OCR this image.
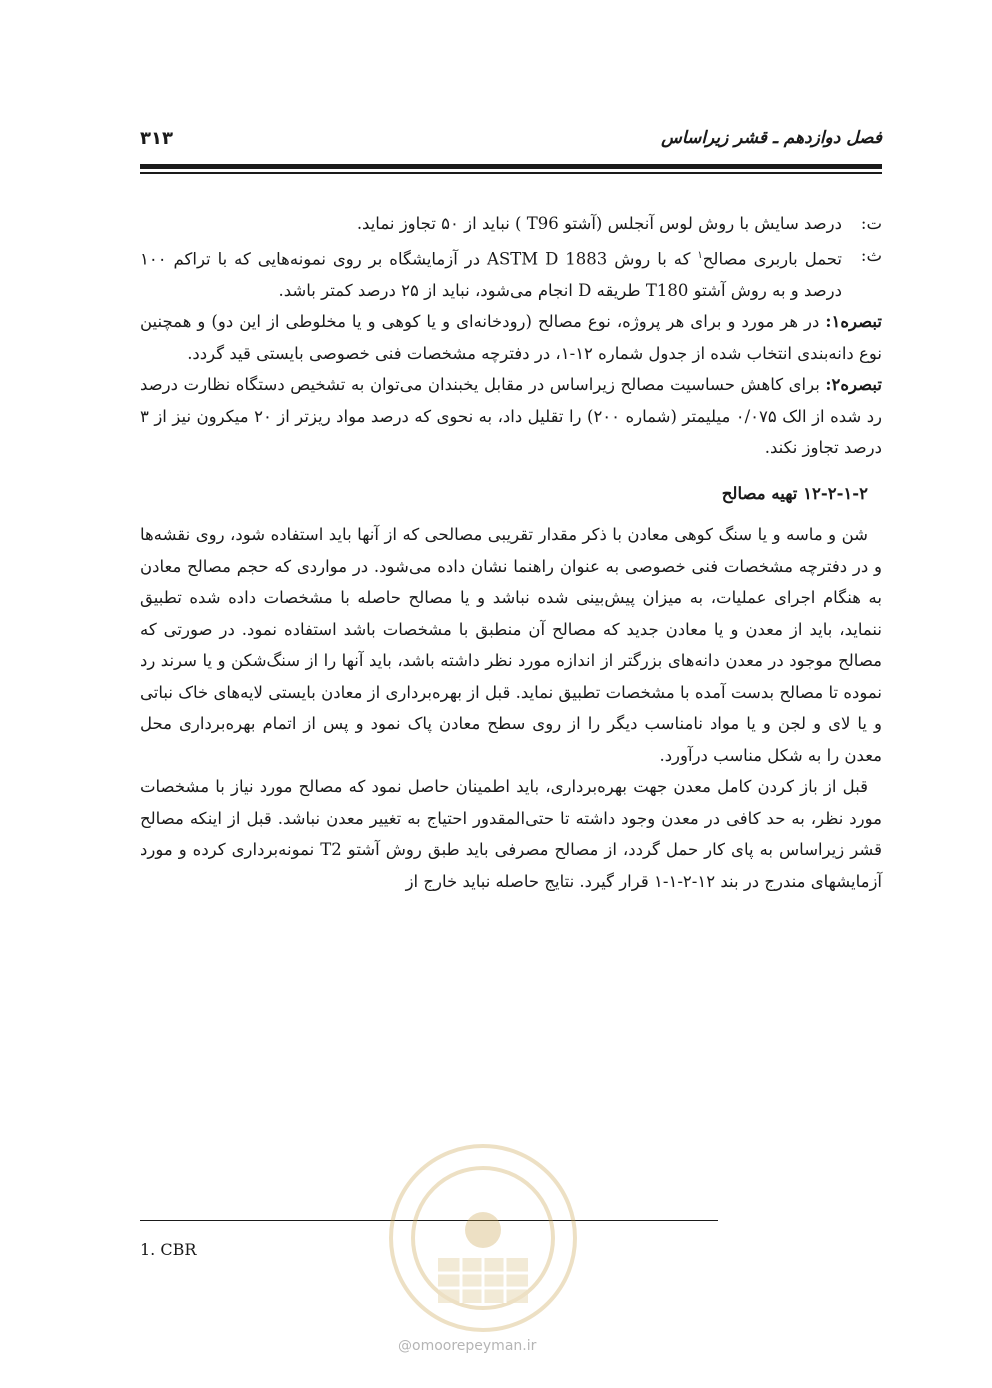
فصل دوازدهم ـ قشر زیراساس
۳۱۳
ت:
درصد سایش با روش لوس آنجلس (آشتو T96 ) نباید از ۵۰ تجاوز نماید.
ث:
تحمل باربری مصالح$^۱$ که با روش ASTM D 1883 در آزمایشگاه بر روی نمونه‌هایی که با تراکم ۱۰۰ درصد و به روش آشتو T180 طریقه D انجام می‌شود، نباید از ۲۵ درصد کمتر باشد.

تبصره۱: در هر مورد و برای هر پروژه، نوع مصالح (رودخانه‌ای و یا کوهی و یا مخلوطی از این دو) و همچنین نوع دانه‌بندی انتخاب شده از جدول شماره ۱۲-۱، در دفترچه مشخصات فنی خصوصی بایستی قید گردد.

تبصره۲: برای کاهش حساسیت مصالح زیراساس در مقابل یخبندان می‌توان به تشخیص دستگاه نظارت درصد رد شده از الک ۰/۰۷۵ میلیمتر (شماره ۲۰۰) را تقلیل داد، به نحوی که درصد مواد ریزتر از ۲۰ میکرون نیز از ۳ درصد تجاوز نکند.

۱۲-۲-۱-۲ تهیه مصالح

شن و ماسه و یا سنگ کوهی معادن با ذکر مقدار تقریبی مصالحی که از آنها باید استفاده شود، روی نقشه‌ها و در دفترچه مشخصات فنی خصوصی به عنوان راهنما نشان داده می‌شود. در مواردی که حجم مصالح معادن به هنگام اجرای عملیات، به میزان پیش‌بینی شده نباشد و یا مصالح حاصله با مشخصات داده شده تطبیق ننماید، باید از معدن و یا معادن جدید که مصالح آن منطبق با مشخصات باشد استفاده نمود. در صورتی که مصالح موجود در معدن دانه‌های بزرگتر از اندازه مورد نظر داشته باشد، باید آنها را از سنگ‌شکن و یا سرند رد نموده تا مصالح بدست آمده با مشخصات تطبیق نماید. قبل از بهره‌برداری از معادن بایستی لایه‌های خاک نباتی و یا لای و لجن و یا مواد نامناسب دیگر را از روی سطح معادن پاک نمود و پس از اتمام بهره‌برداری محل معدن را به شکل مناسب درآورد.

قبل از باز کردن کامل معدن جهت بهره‌برداری، باید اطمینان حاصل نمود که مصالح مورد نیاز با مشخصات مورد نظر، به حد کافی در معدن وجود داشته تا حتی‌المقدور احتیاج به تغییر معدن نباشد. قبل از اینکه مصالح قشر زیراساس به پای کار حمل گردد، از مصالح مصرفی باید طبق روش آشتو T2 نمونه‌برداری کرده و مورد آزمایشهای مندرج در بند ۱۲-۲-۱-۱ قرار گیرد. نتایج حاصله نباید خارج از

1. CBR
@omoorepeyman.ir
